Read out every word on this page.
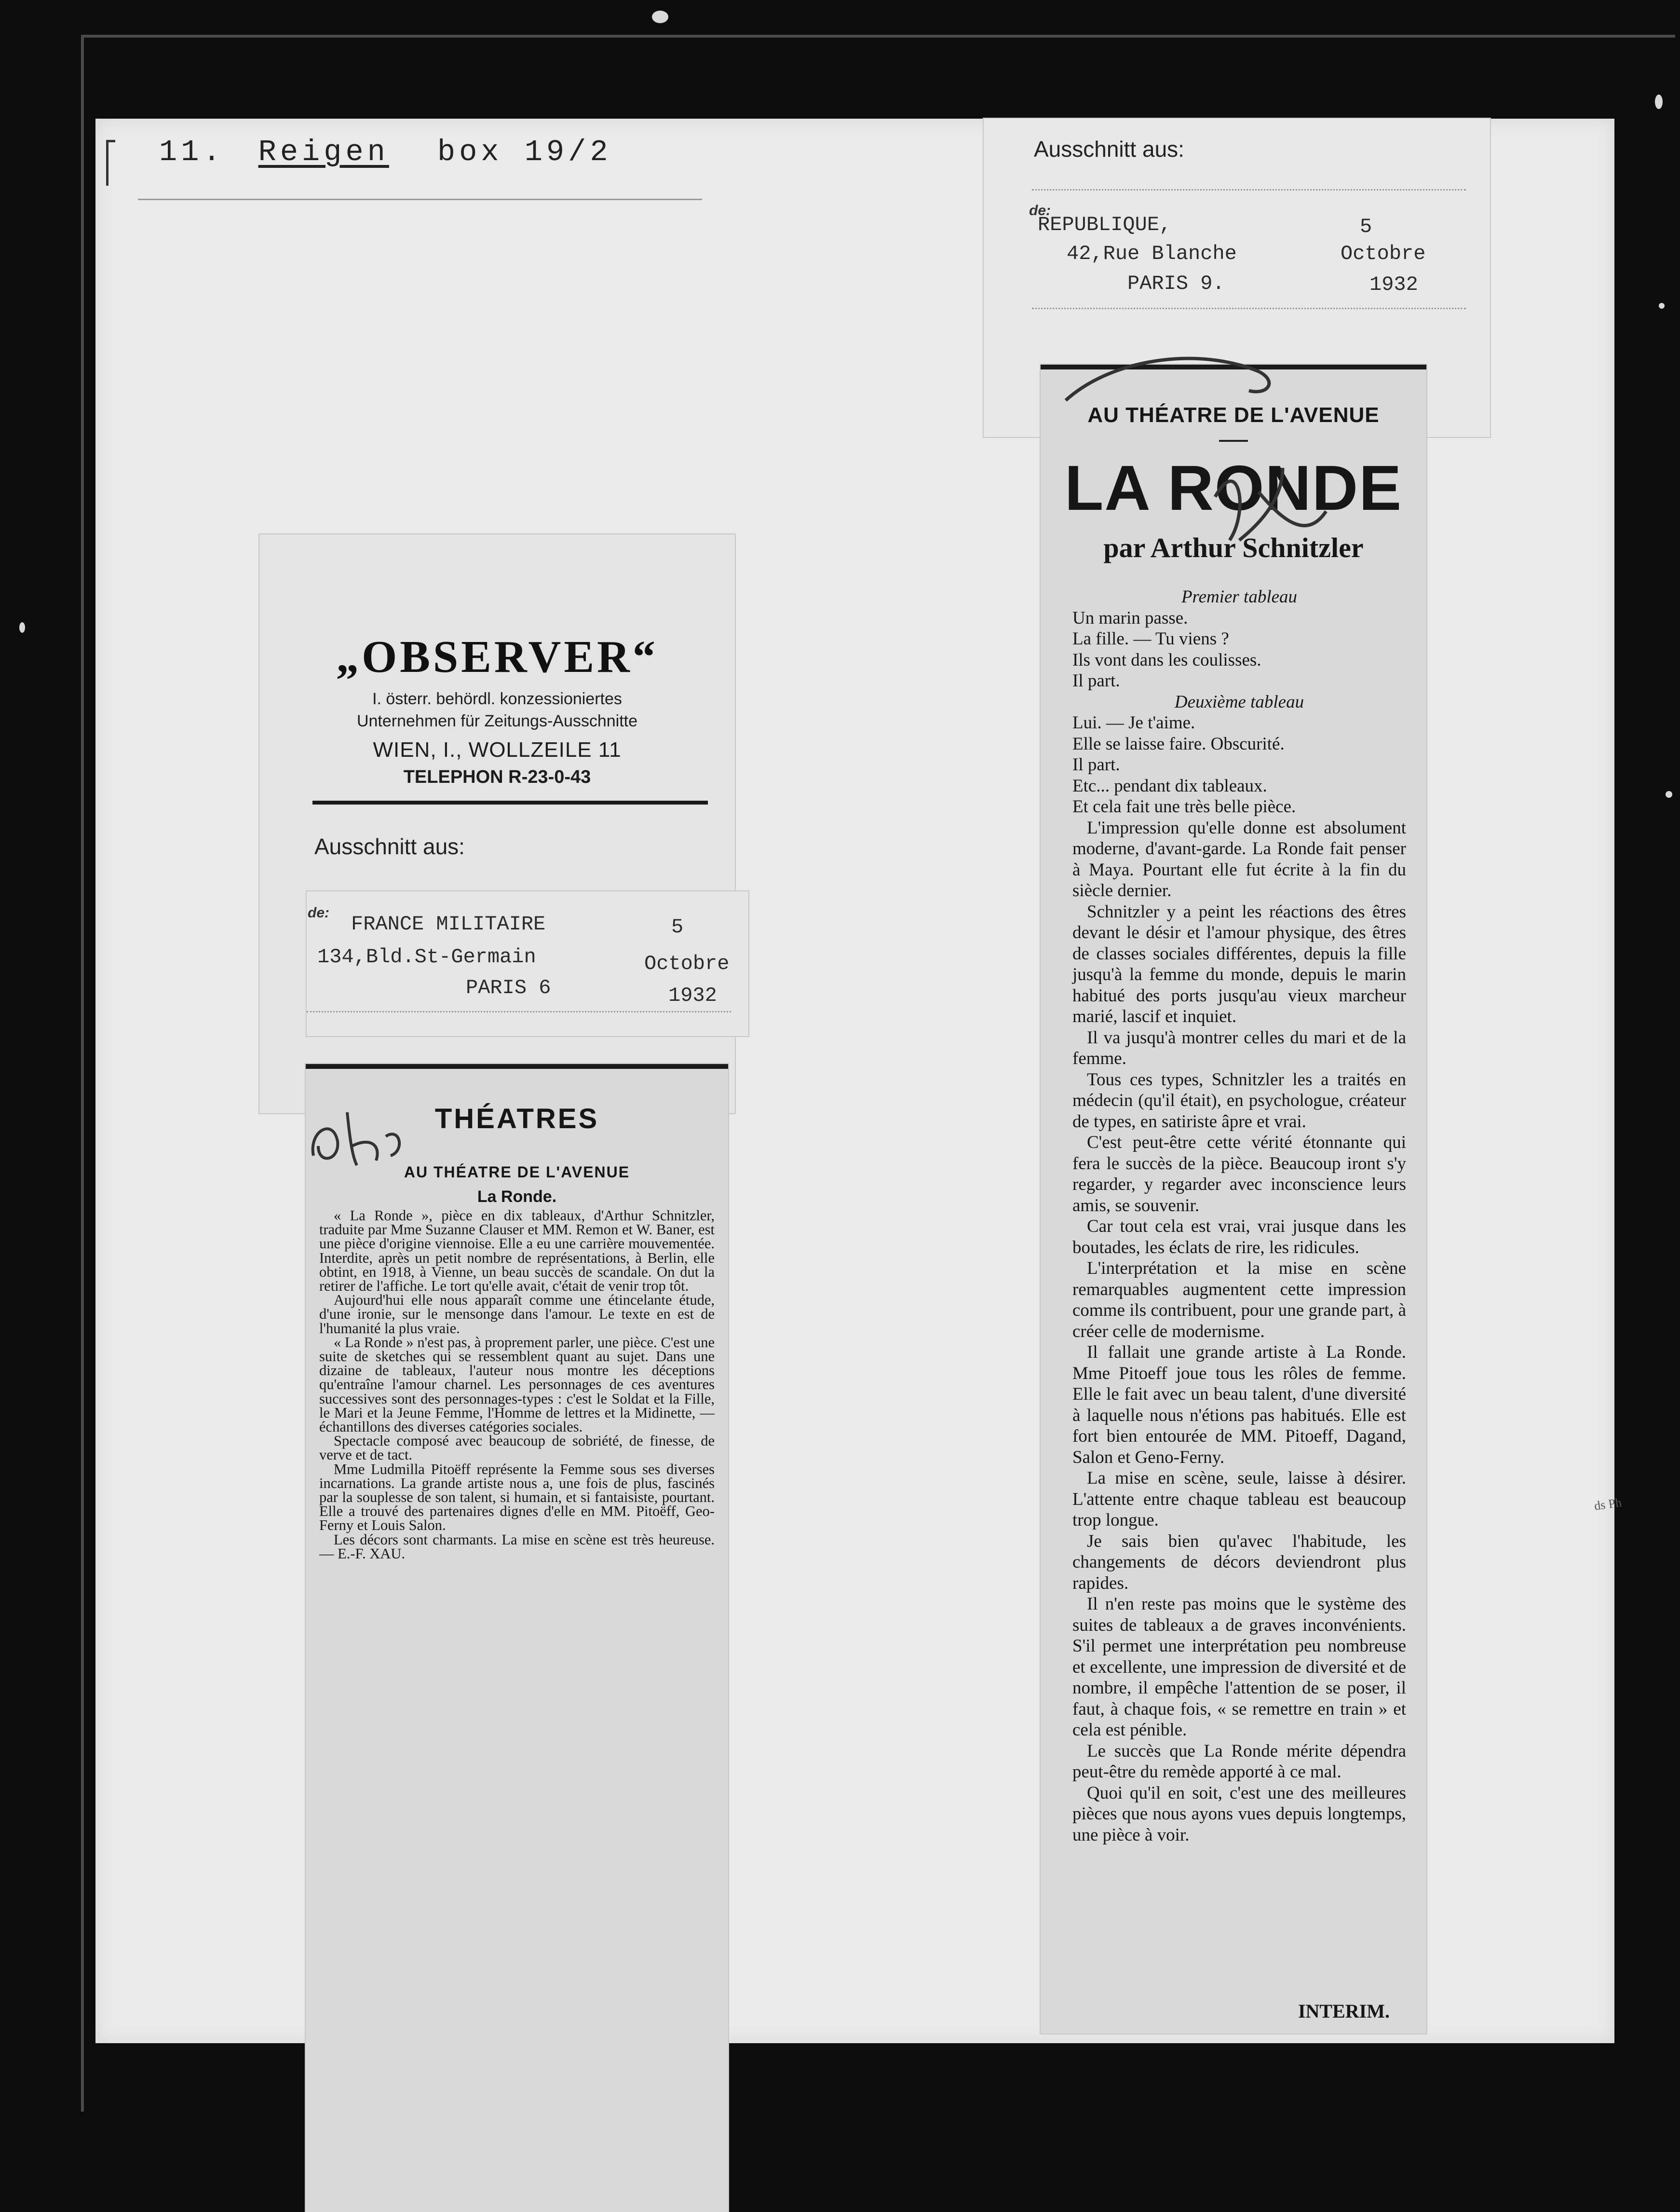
11. Reigen box 19/2
„OBSERVER“
I. österr. behördl. konzessioniertes
Unternehmen für Zeitungs-Ausschnitte
WIEN, I., WOLLZEILE 11
TELEPHON R-23-0-43
Ausschnitt aus:
de: FRANCE MILITAIRE	5
134,Bld.St-Germain	Octobre
PARIS 6	1932
THÉATRES
AU THÉATRE DE L'AVENUE
La Ronde.

« La Ronde », pièce en dix tableaux, d'Arthur Schnitzler, traduite par Mme Suzanne Clauser et MM. Remon et W. Baner, est une pièce d'origine viennoise. Elle a eu une carrière mouvementée. Interdite, après un petit nombre de représentations, à Berlin, elle obtint, en 1918, à Vienne, un beau succès de scandale. On dut la retirer de l'affiche. Le tort qu'elle avait, c'était de venir trop tôt.

Aujourd'hui elle nous apparaît comme une étincelante étude, d'une ironie, sur le mensonge dans l'amour. Le texte en est de l'humanité la plus vraie.

« La Ronde » n'est pas, à proprement parler, une pièce. C'est une suite de sketches qui se ressemblent quant au sujet. Dans une dizaine de tableaux, l'auteur nous montre les déceptions qu'entraîne l'amour charnel. Les personnages de ces aventures successives sont des personnages-types : c'est le Soldat et la Fille, le Mari et la Jeune Femme, l'Homme de lettres et la Midinette, — échantillons des diverses catégories sociales.

Spectacle composé avec beaucoup de sobriété, de finesse, de verve et de tact.

Mme Ludmilla Pitoëff représente la Femme sous ses diverses incarnations. La grande artiste nous a, une fois de plus, fascinés par la souplesse de son talent, si humain, et si fantaisiste, pourtant. Elle a trouvé des partenaires dignes d'elle en MM. Pitoëff, Geo-Ferny et Louis Salon.

Les décors sont charmants. La mise en scène est très heureuse. — E.-F. XAU.

Ausschnitt aus:
de:
REPUBLIQUE,	5
42,Rue Blanche	Octobre
PARIS 9.	1932
AU THÉATRE DE L'AVENUE
LA RONDE
par Arthur Schnitzler

Premier tableau

Un marin passe.

La fille. — Tu viens ?

Ils vont dans les coulisses.

Il part.

Deuxième tableau

Lui. — Je t'aime.

Elle se laisse faire. Obscurité.

Il part.

Etc... pendant dix tableaux.

Et cela fait une très belle pièce.

L'impression qu'elle donne est absolument moderne, d'avant-garde. La Ronde fait penser à Maya. Pourtant elle fut écrite à la fin du siècle dernier.

Schnitzler y a peint les réactions des êtres devant le désir et l'amour physique, des êtres de classes sociales différentes, depuis la fille jusqu'à la femme du monde, depuis le marin habitué des ports jusqu'au vieux marcheur marié, lascif et inquiet.

Il va jusqu'à montrer celles du mari et de la femme.

Tous ces types, Schnitzler les a traités en médecin (qu'il était), en psychologue, créateur de types, en satiriste âpre et vrai.

C'est peut-être cette vérité étonnante qui fera le succès de la pièce. Beaucoup iront s'y regarder, y regarder avec inconscience leurs amis, se souvenir.

Car tout cela est vrai, vrai jusque dans les boutades, les éclats de rire, les ridicules.

L'interprétation et la mise en scène remarquables augmentent cette impression comme ils contribuent, pour une grande part, à créer celle de modernisme.

Il fallait une grande artiste à La Ronde. Mme Pitoeff joue tous les rôles de femme. Elle le fait avec un beau talent, d'une diversité à laquelle nous n'étions pas habitués. Elle est fort bien entourée de MM. Pitoeff, Dagand, Salon et Geno-Ferny.

La mise en scène, seule, laisse à désirer. L'attente entre chaque tableau est beaucoup trop longue.

Je sais bien qu'avec l'habitude, les changements de décors deviendront plus rapides.

Il n'en reste pas moins que le système des suites de tableaux a de graves inconvénients. S'il permet une interprétation peu nombreuse et excellente, une impression de diversité et de nombre, il empêche l'attention de se poser, il faut, à chaque fois, « se remettre en train » et cela est pénible.

Le succès que La Ronde mérite dépendra peut-être du remède apporté à ce mal.

Quoi qu'il en soit, c'est une des meilleures pièces que nous ayons vues depuis longtemps, une pièce à voir.

INTERIM.
ds Ph
